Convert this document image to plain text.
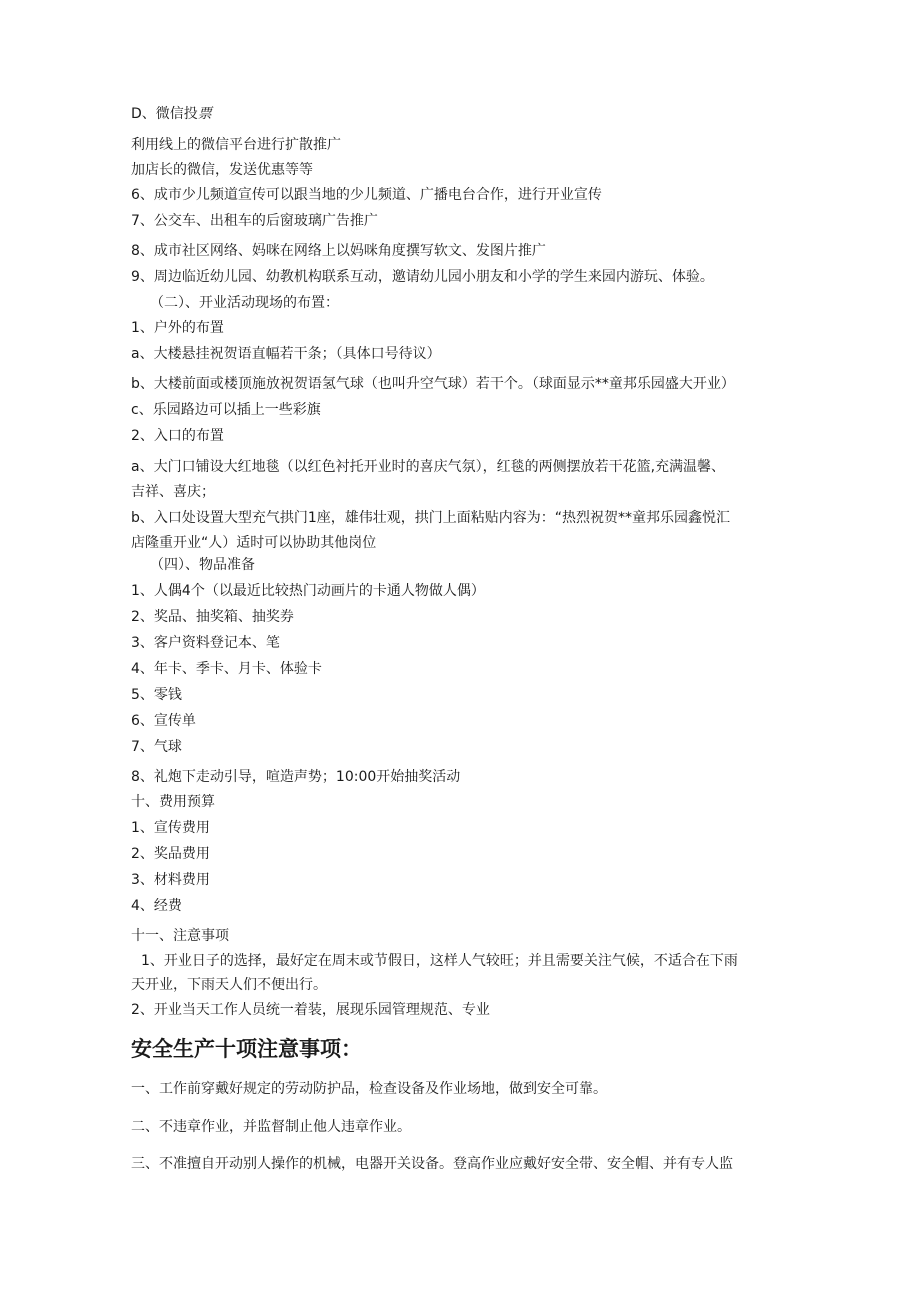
D、微信投票

利用线上的微信平台进行扩散推广

加店长的微信，发送优惠等等

6、成市少儿频道宣传可以跟当地的少儿频道、广播电台合作，进行开业宣传

7、公交车、出租车的后窗玻璃广告推广

8、成市社区网络、妈咪在网络上以妈咪角度撰写软文、发图片推广

9、周边临近幼儿园、幼教机构联系互动，邀请幼儿园小朋友和小学的学生来园内游玩、体验。

（二）、开业活动现场的布置：

1、户外的布置

a、大楼悬挂祝贺语直幅若干条；（具体口号待议）

b、大楼前面或楼顶施放祝贺语氢气球（也叫升空气球）若干个。（球面显示**童邦乐园盛大开业）

c、乐园路边可以插上一些彩旗

2、入口的布置

a、大门口铺设大红地毯（以红色衬托开业时的喜庆气氛），红毯的两侧摆放若干花篮,充满温馨、

吉祥、喜庆；

b、入口处设置大型充气拱门1座，雄伟壮观，拱门上面粘贴内容为：“热烈祝贺**童邦乐园鑫悦汇

店隆重开业“人）适时可以协助其他岗位

（四）、物品准备

1、人偶4个（以最近比较热门动画片的卡通人物做人偶）

2、奖品、抽奖箱、抽奖券

3、客户资料登记本、笔

4、年卡、季卡、月卡、体验卡

5、零钱

6、宣传单

7、气球

8、礼炮下走动引导，喧造声势；10:00开始抽奖活动

十、费用预算

1、宣传费用

2、奖品费用

3、材料费用

4、经费

十一、注意事项

1、开业日子的选择，最好定在周末或节假日，这样人气较旺；并且需要关注气候，不适合在下雨

天开业，下雨天人们不便出行。

2、开业当天工作人员统一着装，展现乐园管理规范、专业

安全生产十项注意事项：

一、工作前穿戴好规定的劳动防护品，检查设备及作业场地，做到安全可靠。

二、不违章作业，并监督制止他人违章作业。

三、不准擅自开动别人操作的机械，电器开关设备。登高作业应戴好安全带、安全帽、并有专人监
